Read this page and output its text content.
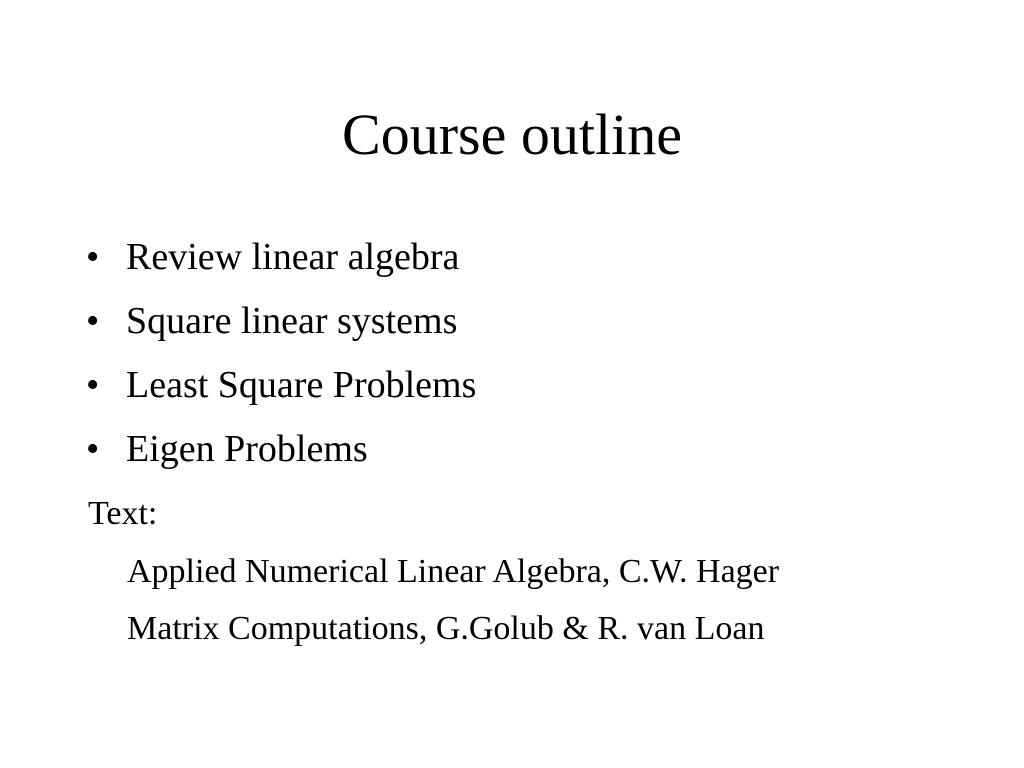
Course outline
• Review linear algebra
• Square linear systems
• Least Square Problems
• Eigen Problems
Text:
Applied Numerical Linear Algebra, C.W. Hager
Matrix Computations, G.Golub & R. van Loan
